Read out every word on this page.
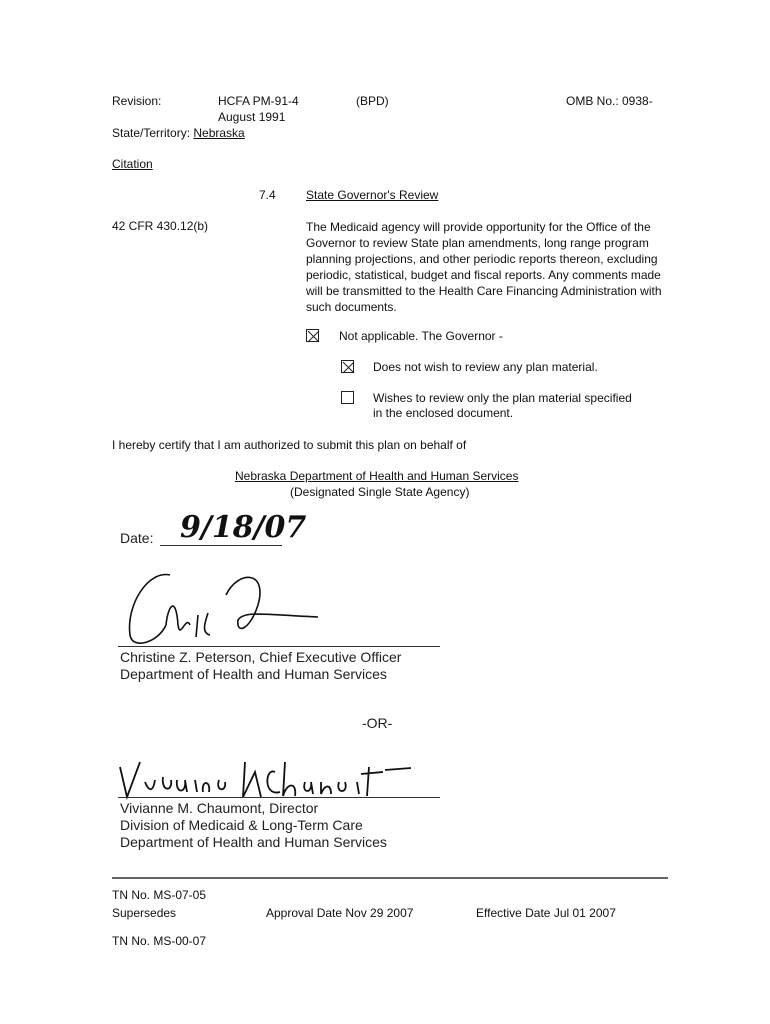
Revision:	HCFA PM-91-4	(BPD)	OMB No.: 0938-
August 1991
State/Territory: Nebraska
Citation
7.4	State Governor's Review
42 CFR 430.12(b)	The Medicaid agency will provide opportunity for the Office of the Governor to review State plan amendments, long range program planning projections, and other periodic reports thereon, excluding periodic, statistical, budget and fiscal reports. Any comments made will be transmitted to the Health Care Financing Administration with such documents.
Not applicable. The Governor -
Does not wish to review any plan material.
Wishes to review only the plan material specified
in the enclosed document.
I hereby certify that I am authorized to submit this plan on behalf of
Nebraska Department of Health and Human Services
(Designated Single State Agency)
Date: 9/18/07
Christine Z. Peterson, Chief Executive Officer
Department of Health and Human Services
-OR-
Vivianne M. Chaumont, Director
Division of Medicaid & Long-Term Care
Department of Health and Human Services
TN No. MS-07-05
Supersedes	Approval Date Nov 29 2007	Effective Date Jul 01 2007
TN No. MS-00-07
